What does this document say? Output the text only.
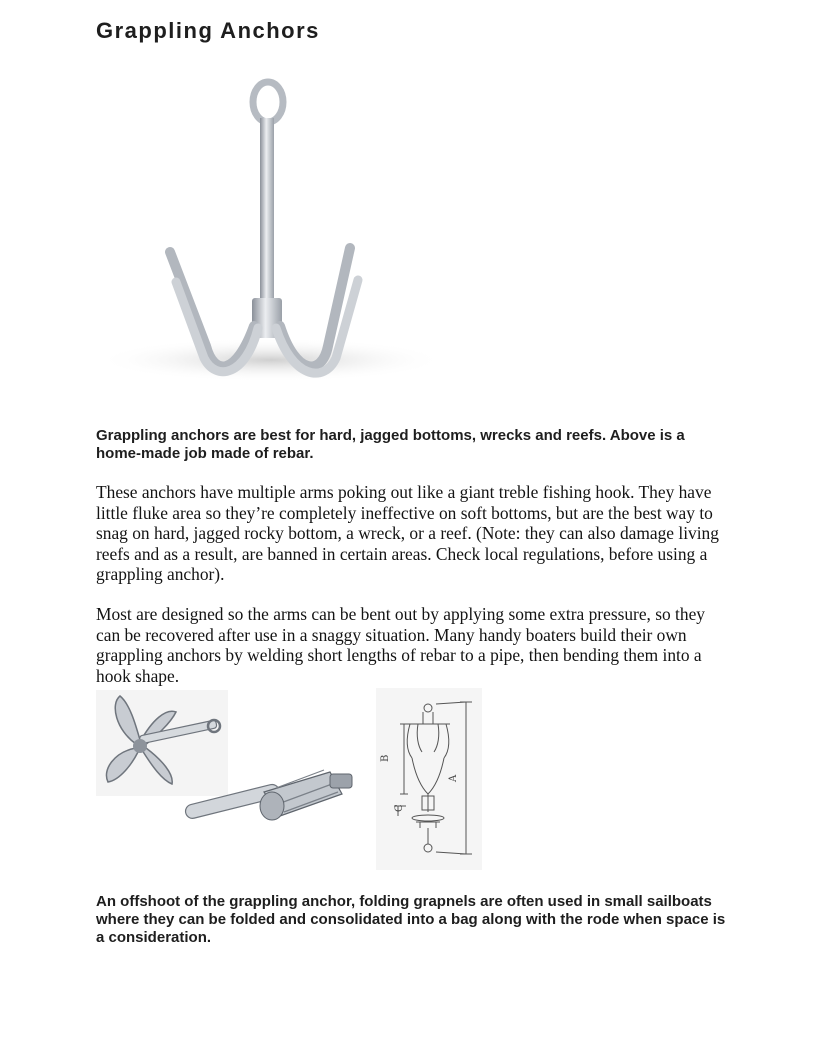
Grappling Anchors

Grappling anchors are best for hard, jagged bottoms, wrecks and reefs. Above is a home-made job made of rebar.

These anchors have multiple arms poking out like a giant treble fishing hook. They have little fluke area so they’re completely ineffective on soft bottoms, but are the best way to snag on hard, jagged rocky bottom, a wreck, or a reef. (Note: they can also damage living reefs and as a result, are banned in certain areas. Check local regulations, before using a grappling anchor).

Most are designed so the arms can be bent out by applying some extra pressure, so they can be recovered after use in a snaggy situation. Many handy boaters build their own grappling anchors by welding short lengths of rebar to a pipe, then bending them into a hook shape.

B
A
C

An offshoot of the grappling anchor, folding grapnels are often used in small sailboats where they can be folded and consolidated into a bag along with the rode when space is a consideration.
